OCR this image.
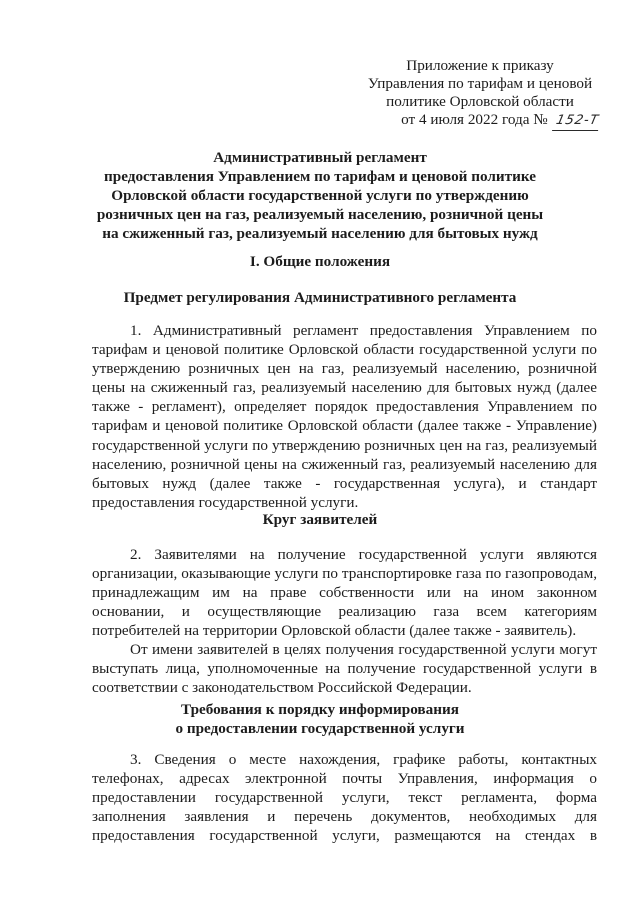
Приложение к приказу
Управления по тарифам и ценовой
политике Орловской области
от 4 июля 2022 года № 152-Т
Административный регламент
предоставления Управлением по тарифам и ценовой политике
Орловской области государственной услуги по утверждению
розничных цен на газ, реализуемый населению, розничной цены
на сжиженный газ, реализуемый населению для бытовых нужд
I. Общие положения
Предмет регулирования Административного регламента
1. Административный регламент предоставления Управлением по
тарифам и ценовой политике Орловской области государственной услуги по
утверждению розничных цен на газ, реализуемый населению, розничной
цены на сжиженный газ, реализуемый населению для бытовых нужд (далее
также - регламент), определяет порядок предоставления Управлением по
тарифам и ценовой политике Орловской области (далее также - Управление)
государственной услуги по утверждению розничных цен на газ, реализуемый
населению, розничной цены на сжиженный газ, реализуемый населению для
бытовых нужд (далее также - государственная услуга), и стандарт
предоставления государственной услуги.
Круг заявителей
2. Заявителями на получение государственной услуги являются
организации, оказывающие услуги по транспортировке газа по газопроводам,
принадлежащим им на праве собственности или на ином законном
основании, и осуществляющие реализацию газа всем категориям
потребителей на территории Орловской области (далее также - заявитель).
От имени заявителей в целях получения государственной услуги могут
выступать лица, уполномоченные на получение государственной услуги в
соответствии с законодательством Российской Федерации.
Требования к порядку информирования
о предоставлении государственной услуги
3. Сведения о месте нахождения, графике работы, контактных
телефонах, адресах электронной почты Управления, информация о
предоставлении государственной услуги, текст регламента, форма
заполнения заявления и перечень документов, необходимых для
предоставления государственной услуги, размещаются на стендах в
